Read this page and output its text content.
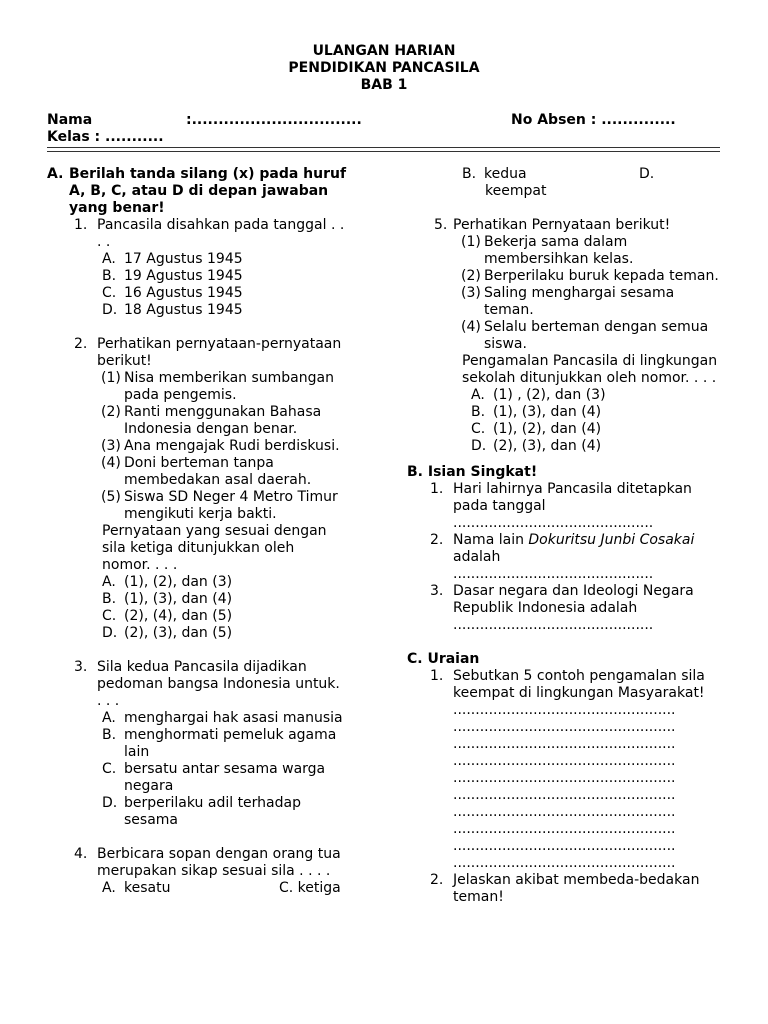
ULANGAN HARIAN
PENDIDIKAN PANCASILA
BAB 1
Nama	:................................	No Absen : ..............
Kelas : ...........
A. Berilah tanda silang (x) pada huruf A, B, C, atau D di depan jawaban yang benar!
1. Pancasila disahkan pada tanggal . . . .
A. 17 Agustus 1945
B. 19 Agustus 1945
C. 16 Agustus 1945
D. 18 Agustus 1945
2. Perhatikan pernyataan-pernyataan berikut!
(1) Nisa memberikan sumbangan pada pengemis.
(2) Ranti menggunakan Bahasa Indonesia dengan benar.
(3) Ana mengajak Rudi berdiskusi.
(4) Doni berteman tanpa membedakan asal daerah.
(5) Siswa SD Neger 4 Metro Timur mengikuti kerja bakti.
Pernyataan yang sesuai dengan sila ketiga ditunjukkan oleh nomor. . . .
A. (1), (2), dan (3)
B. (1), (3), dan (4)
C. (2), (4), dan (5)
D. (2), (3), dan (5)
3. Sila kedua Pancasila dijadikan pedoman bangsa Indonesia untuk. . . .
A. menghargai hak asasi manusia
B. menghormati pemeluk agama lain
C. bersatu antar sesama warga negara
D. berperilaku adil terhadap sesama
4. Berbicara sopan dengan orang tua merupakan sikap sesuai sila . . . .
A. kesatu	C. ketiga
B. kedua	D.
keempat
5. Perhatikan Pernyataan berikut!
(1) Bekerja sama dalam membersihkan kelas.
(2) Berperilaku buruk kepada teman.
(3) Saling menghargai sesama teman.
(4) Selalu berteman dengan semua siswa.
Pengamalan Pancasila di lingkungan sekolah ditunjukkan oleh nomor. . . .
A. (1) , (2), dan (3)
B. (1), (3), dan (4)
C. (1), (2), dan (4)
D. (2), (3), dan (4)
B. Isian Singkat!
1. Hari lahirnya Pancasila ditetapkan pada tanggal
.............................................
2. Nama lain Dokuritsu Junbi Cosakai adalah
.............................................
3. Dasar negara dan Ideologi Negara Republik Indonesia adalah
.............................................
C. Uraian
1. Sebutkan 5 contoh pengamalan sila keempat di lingkungan Masyarakat!
..................................................
..................................................
..................................................
..................................................
..................................................
..................................................
..................................................
..................................................
..................................................
..................................................
2. Jelaskan akibat membeda-bedakan teman!
